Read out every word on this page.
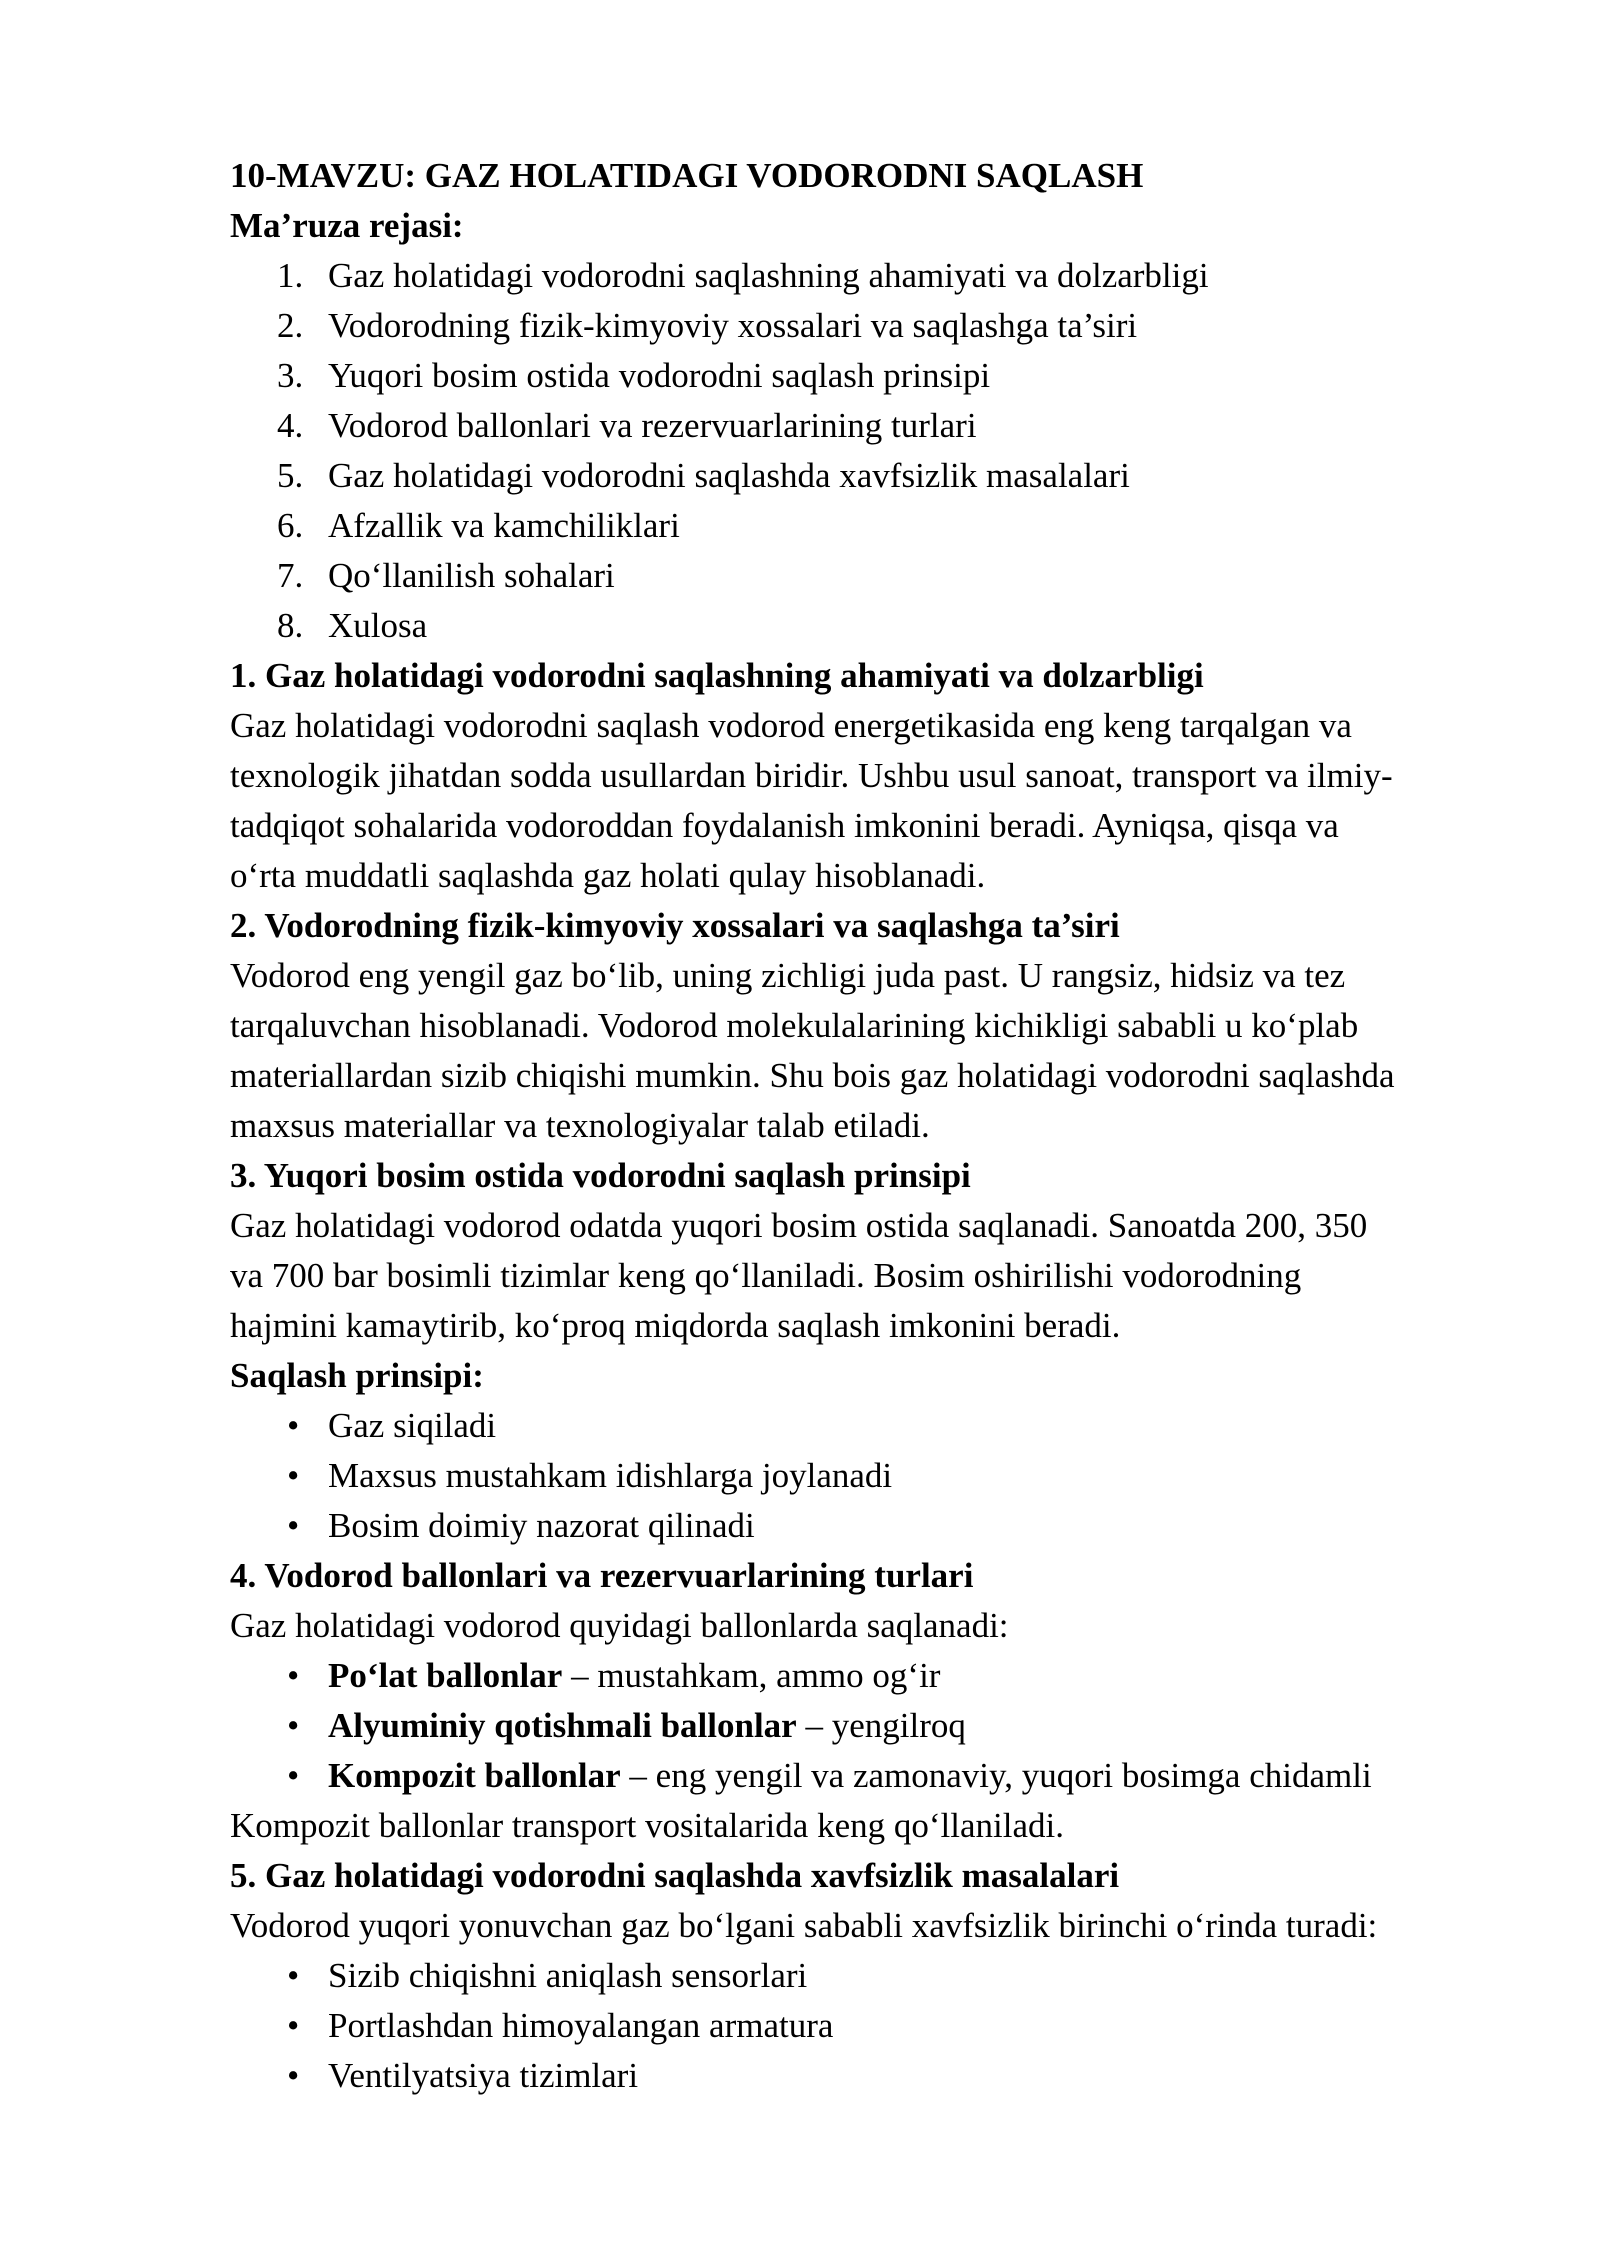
10-MAVZU: GAZ HOLATIDAGI VODORODNI SAQLASH

Ma’ruza rejasi:

1. Gaz holatidagi vodorodni saqlashning ahamiyati va dolzarbligi
2. Vodorodning fizik-kimyoviy xossalari va saqlashga ta’siri
3. Yuqori bosim ostida vodorodni saqlash prinsipi
4. Vodorod ballonlari va rezervuarlarining turlari
5. Gaz holatidagi vodorodni saqlashda xavfsizlik masalalari
6. Afzallik va kamchiliklari
7. Qo‘llanilish sohalari
8. Xulosa

1. Gaz holatidagi vodorodni saqlashning ahamiyati va dolzarbligi

Gaz holatidagi vodorodni saqlash vodorod energetikasida eng keng tarqalgan va

texnologik jihatdan sodda usullardan biridir. Ushbu usul sanoat, transport va ilmiy-

tadqiqot sohalarida vodoroddan foydalanish imkonini beradi. Ayniqsa, qisqa va

o‘rta muddatli saqlashda gaz holati qulay hisoblanadi.

2. Vodorodning fizik-kimyoviy xossalari va saqlashga ta’siri

Vodorod eng yengil gaz bo‘lib, uning zichligi juda past. U rangsiz, hidsiz va tez

tarqaluvchan hisoblanadi. Vodorod molekulalarining kichikligi sababli u ko‘plab

materiallardan sizib chiqishi mumkin. Shu bois gaz holatidagi vodorodni saqlashda

maxsus materiallar va texnologiyalar talab etiladi.

3. Yuqori bosim ostida vodorodni saqlash prinsipi

Gaz holatidagi vodorod odatda yuqori bosim ostida saqlanadi. Sanoatda 200, 350

va 700 bar bosimli tizimlar keng qo‘llaniladi. Bosim oshirilishi vodorodning

hajmini kamaytirib, ko‘proq miqdorda saqlash imkonini beradi.

Saqlash prinsipi:

• Gaz siqiladi
• Maxsus mustahkam idishlarga joylanadi
• Bosim doimiy nazorat qilinadi

4. Vodorod ballonlari va rezervuarlarining turlari

Gaz holatidagi vodorod quyidagi ballonlarda saqlanadi:

• Po‘lat ballonlar – mustahkam, ammo og‘ir
• Alyuminiy qotishmali ballonlar – yengilroq
• Kompozit ballonlar – eng yengil va zamonaviy, yuqori bosimga chidamli

Kompozit ballonlar transport vositalarida keng qo‘llaniladi.

5. Gaz holatidagi vodorodni saqlashda xavfsizlik masalalari

Vodorod yuqori yonuvchan gaz bo‘lgani sababli xavfsizlik birinchi o‘rinda turadi:

• Sizib chiqishni aniqlash sensorlari
• Portlashdan himoyalangan armatura
• Ventilyatsiya tizimlari
